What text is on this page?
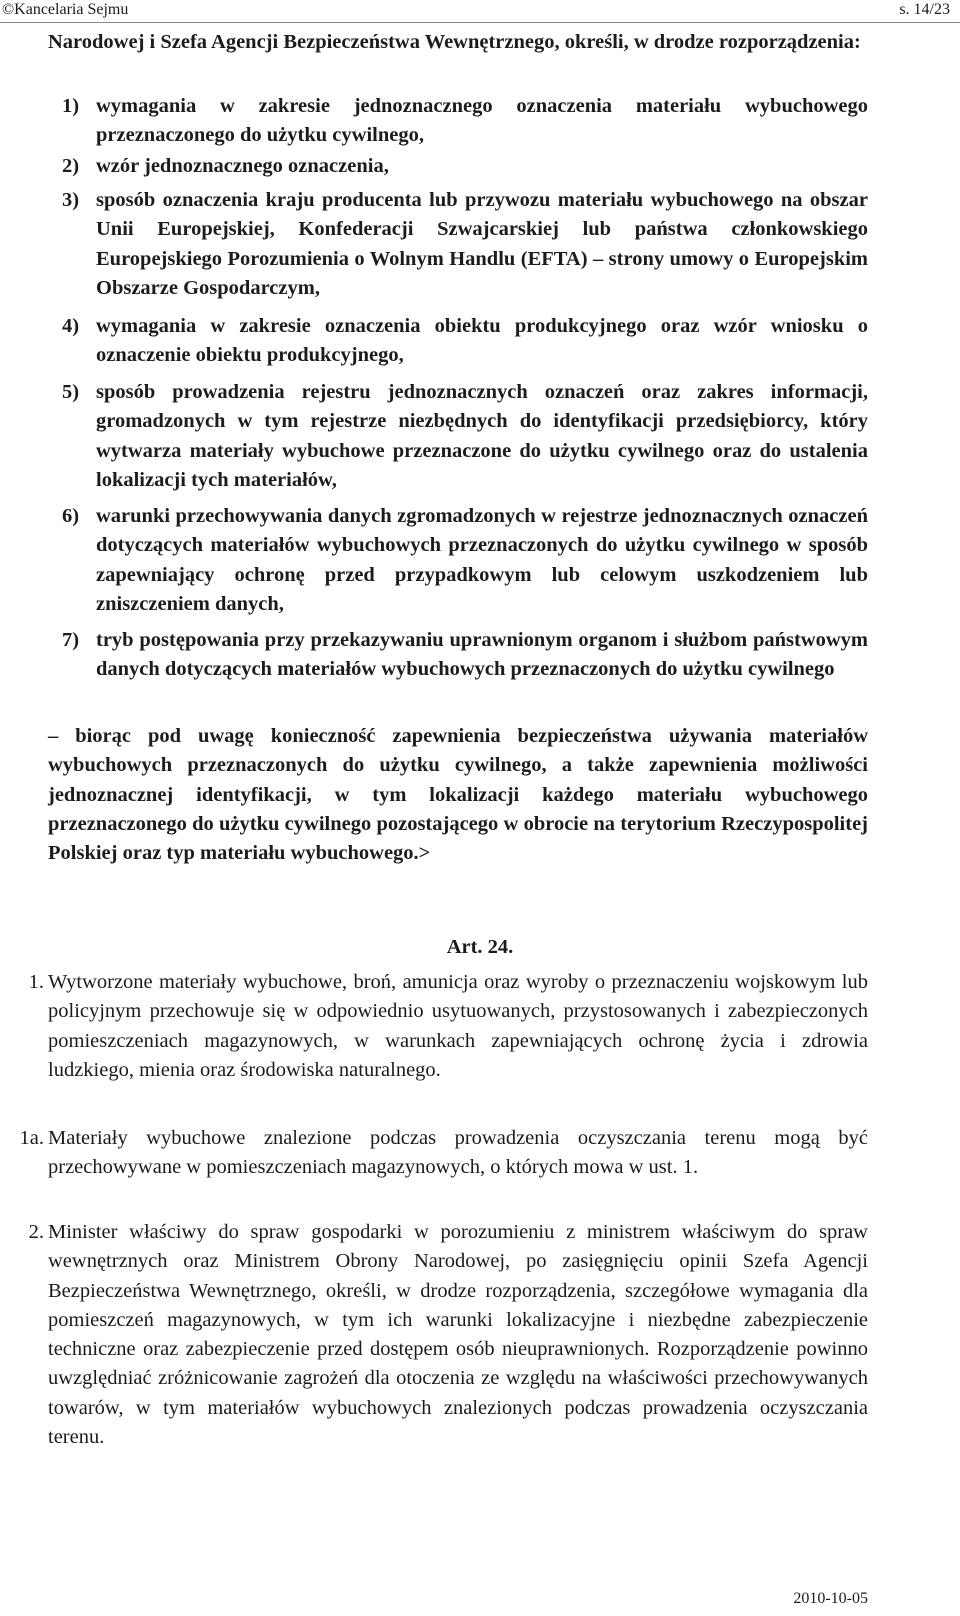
©Kancelaria Sejmu	s. 14/23
Narodowej i Szefa Agencji Bezpieczeństwa Wewnętrznego, określi, w drodze rozporządzenia:
1) wymagania w zakresie jednoznacznego oznaczenia materiału wybuchowego przeznaczonego do użytku cywilnego,
2) wzór jednoznacznego oznaczenia,
3) sposób oznaczenia kraju producenta lub przywozu materiału wybuchowego na obszar Unii Europejskiej, Konfederacji Szwajcarskiej lub państwa członkowskiego Europejskiego Porozumienia o Wolnym Handlu (EFTA) – strony umowy o Europejskim Obszarze Gospodarczym,
4) wymagania w zakresie oznaczenia obiektu produkcyjnego oraz wzór wniosku o oznaczenie obiektu produkcyjnego,
5) sposób prowadzenia rejestru jednoznacznych oznaczeń oraz zakres informacji, gromadzonych w tym rejestrze niezbędnych do identyfikacji przedsiębiorcy, który wytwarza materiały wybuchowe przeznaczone do użytku cywilnego oraz do ustalenia lokalizacji tych materiałów,
6) warunki przechowywania danych zgromadzonych w rejestrze jednoznacznych oznaczeń dotyczących materiałów wybuchowych przeznaczonych do użytku cywilnego w sposób zapewniający ochronę przed przypadkowym lub celowym uszkodzeniem lub zniszczeniem danych,
7) tryb postępowania przy przekazywaniu uprawnionym organom i służbom państwowym danych dotyczących materiałów wybuchowych przeznaczonych do użytku cywilnego
– biorąc pod uwagę konieczność zapewnienia bezpieczeństwa używania materiałów wybuchowych przeznaczonych do użytku cywilnego, a także zapewnienia możliwości jednoznacznej identyfikacji, w tym lokalizacji każdego materiału wybuchowego przeznaczonego do użytku cywilnego pozostającego w obrocie na terytorium Rzeczypospolitej Polskiej oraz typ materiału wybuchowego.>
Art. 24.
1. Wytworzone materiały wybuchowe, broń, amunicja oraz wyroby o przeznaczeniu wojskowym lub policyjnym przechowuje się w odpowiednio usytuowanych, przystosowanych i zabezpieczonych pomieszczeniach magazynowych, w warunkach zapewniających ochronę życia i zdrowia ludzkiego, mienia oraz środowiska naturalnego.
1a. Materiały wybuchowe znalezione podczas prowadzenia oczyszczania terenu mogą być przechowywane w pomieszczeniach magazynowych, o których mowa w ust. 1.
2. Minister właściwy do spraw gospodarki w porozumieniu z ministrem właściwym do spraw wewnętrznych oraz Ministrem Obrony Narodowej, po zasięgnięciu opinii Szefa Agencji Bezpieczeństwa Wewnętrznego, określi, w drodze rozporządzenia, szczegółowe wymagania dla pomieszczeń magazynowych, w tym ich warunki lokalizacyjne i niezbędne zabezpieczenie techniczne oraz zabezpieczenie przed dostępem osób nieuprawnionych. Rozporządzenie powinno uwzględniać zróżnicowanie zagrożeń dla otoczenia ze względu na właściwości przechowywanych towarów, w tym materiałów wybuchowych znalezionych podczas prowadzenia oczyszczania terenu.
2010-10-05
